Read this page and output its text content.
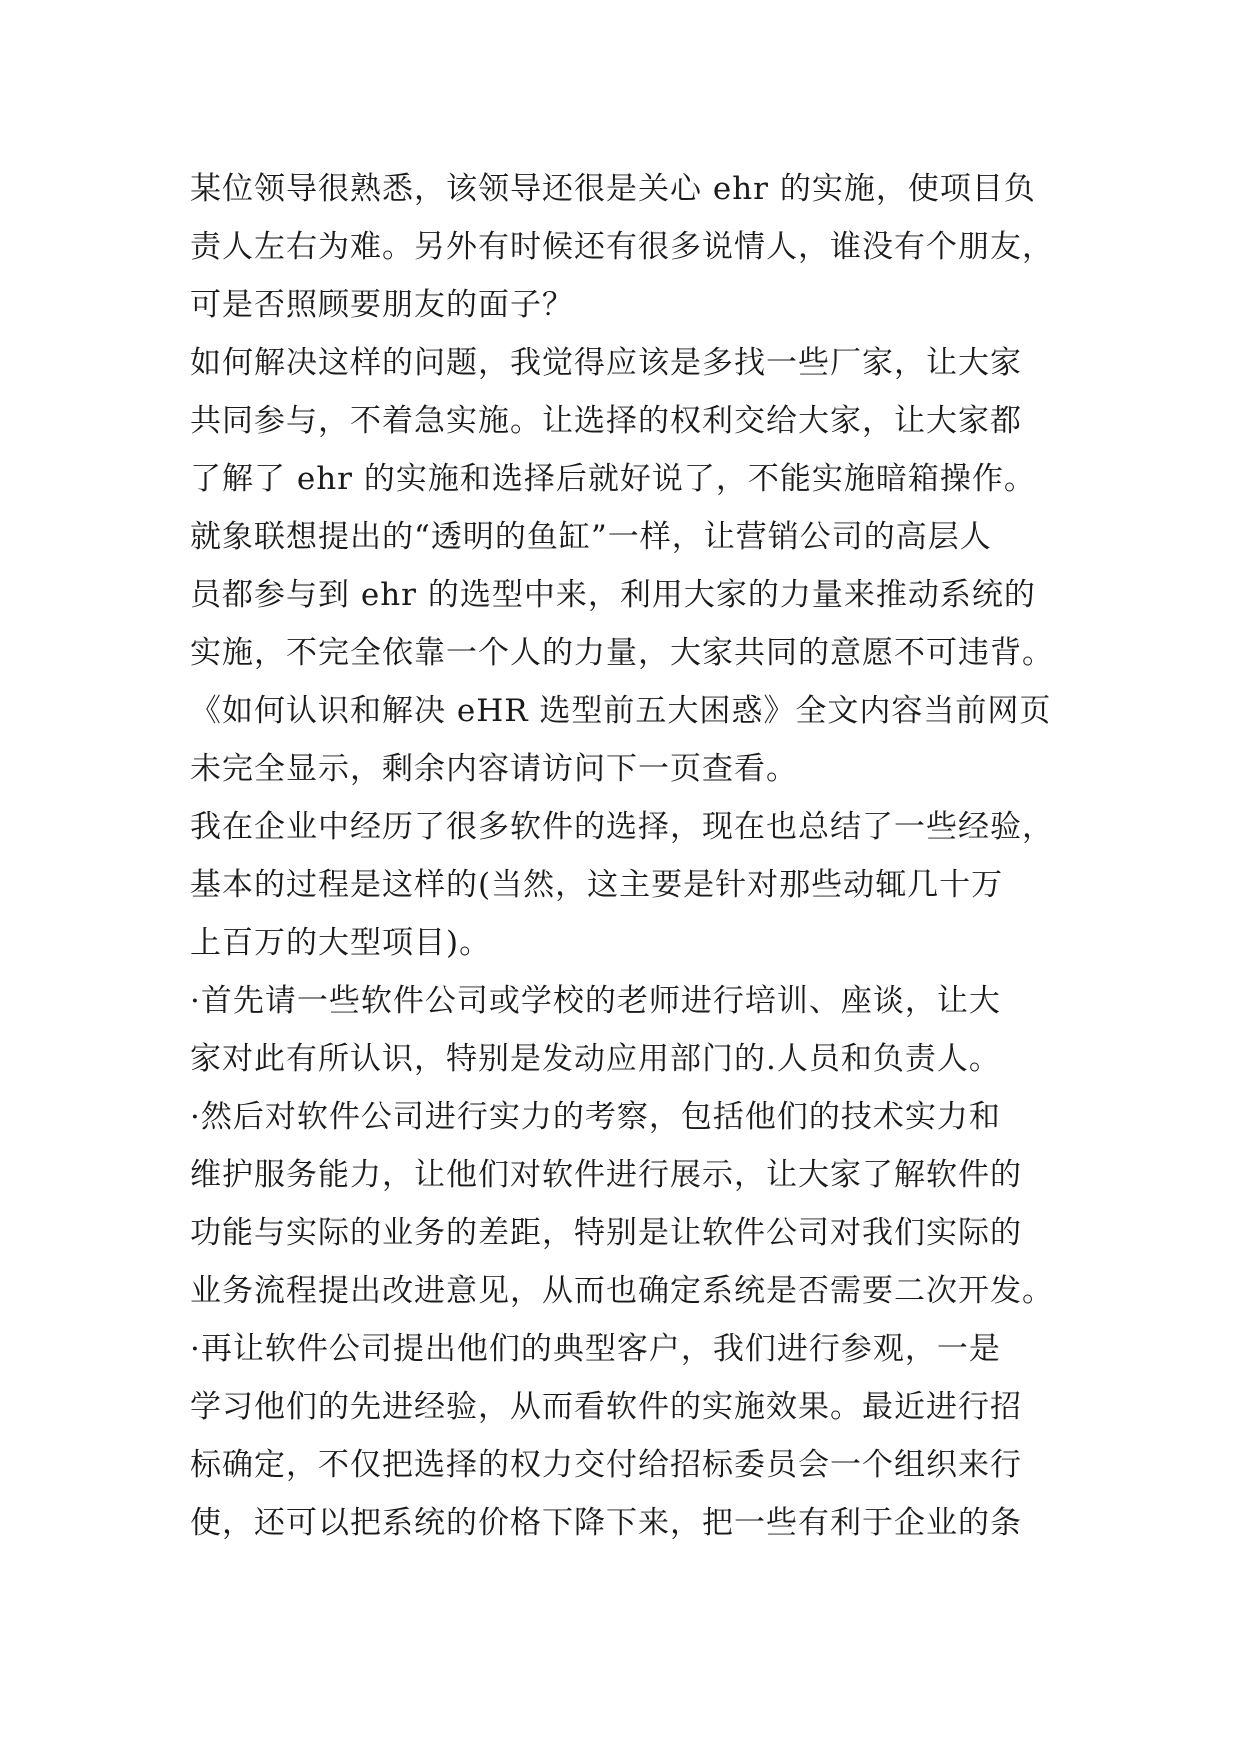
某位领导很熟悉，该领导还很是关心 ehr 的实施，使项目负
责人左右为难。另外有时候还有很多说情人，谁没有个朋友，
可是否照顾要朋友的面子？
如何解决这样的问题，我觉得应该是多找一些厂家，让大家
共同参与，不着急实施。让选择的权利交给大家，让大家都
了解了 ehr 的实施和选择后就好说了，不能实施暗箱操作。
就象联想提出的“透明的鱼缸”一样，让营销公司的高层人
员都参与到 ehr 的选型中来，利用大家的力量来推动系统的
实施，不完全依靠一个人的力量，大家共同的意愿不可违背。
《如何认识和解决 eHR 选型前五大困惑》全文内容当前网页
未完全显示，剩余内容请访问下一页查看。
我在企业中经历了很多软件的选择，现在也总结了一些经验，
基本的过程是这样的(当然，这主要是针对那些动辄几十万
上百万的大型项目)。
·首先请一些软件公司或学校的老师进行培训、座谈，让大
家对此有所认识，特别是发动应用部门的.人员和负责人。
·然后对软件公司进行实力的考察，包括他们的技术实力和
维护服务能力，让他们对软件进行展示，让大家了解软件的
功能与实际的业务的差距，特别是让软件公司对我们实际的
业务流程提出改进意见，从而也确定系统是否需要二次开发。
·再让软件公司提出他们的典型客户，我们进行参观，一是
学习他们的先进经验，从而看软件的实施效果。最近进行招
标确定，不仅把选择的权力交付给招标委员会一个组织来行
使，还可以把系统的价格下降下来，把一些有利于企业的条
